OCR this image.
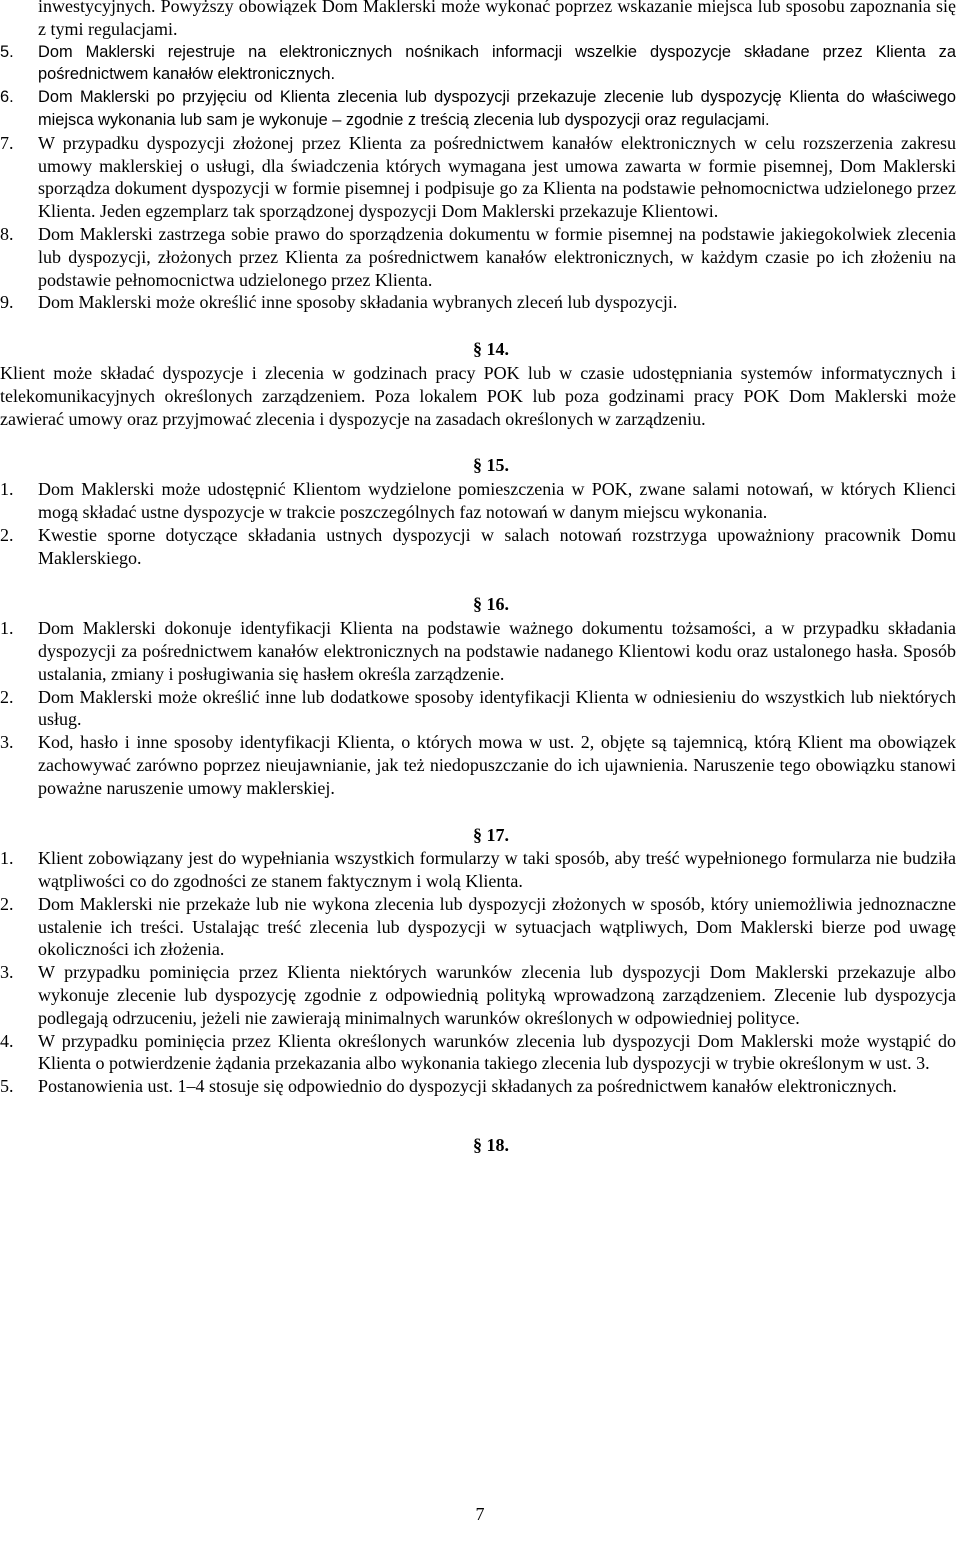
inwestycyjnych. Powyższy obowiązek Dom Maklerski może wykonać poprzez wskazanie miejsca lub sposobu zapoznania się z tymi regulacjami.
5. Dom Maklerski rejestruje na elektronicznych nośnikach informacji wszelkie dyspozycje składane przez Klienta za pośrednictwem kanałów elektronicznych.
6. Dom Maklerski po przyjęciu od Klienta zlecenia lub dyspozycji przekazuje zlecenie lub dyspozycję Klienta do właściwego miejsca wykonania lub sam je wykonuje – zgodnie z treścią zlecenia lub dyspozycji oraz regulacjami.
7. W przypadku dyspozycji złożonej przez Klienta za pośrednictwem kanałów elektronicznych w celu rozszerzenia zakresu umowy maklerskiej o usługi, dla świadczenia których wymagana jest umowa zawarta w formie pisemnej, Dom Maklerski sporządza dokument dyspozycji w formie pisemnej i podpisuje go za Klienta na podstawie pełnomocnictwa udzielonego przez Klienta. Jeden egzemplarz tak sporządzonej dyspozycji Dom Maklerski przekazuje Klientowi.
8. Dom Maklerski zastrzega sobie prawo do sporządzenia dokumentu w formie pisemnej na podstawie jakiegokolwiek zlecenia lub dyspozycji, złożonych przez Klienta za pośrednictwem kanałów elektronicznych, w każdym czasie po ich złożeniu na podstawie pełnomocnictwa udzielonego przez Klienta.
9. Dom Maklerski może określić inne sposoby składania wybranych zleceń lub dyspozycji.
§ 14.
Klient może składać dyspozycje i zlecenia w godzinach pracy POK lub w czasie udostępniania systemów informatycznych i telekomunikacyjnych określonych zarządzeniem. Poza lokalem POK lub poza godzinami pracy POK Dom Maklerski może zawierać umowy oraz przyjmować zlecenia i dyspozycje na zasadach określonych w zarządzeniu.
§ 15.
1. Dom Maklerski może udostępnić Klientom wydzielone pomieszczenia w POK, zwane salami notowań, w których Klienci mogą składać ustne dyspozycje w trakcie poszczególnych faz notowań w danym miejscu wykonania.
2. Kwestie sporne dotyczące składania ustnych dyspozycji w salach notowań rozstrzyga upoważniony pracownik Domu Maklerskiego.
§ 16.
1. Dom Maklerski dokonuje identyfikacji Klienta na podstawie ważnego dokumentu tożsamości, a w przypadku składania dyspozycji za pośrednictwem kanałów elektronicznych na podstawie nadanego Klientowi kodu oraz ustalonego hasła. Sposób ustalania, zmiany i posługiwania się hasłem określa zarządzenie.
2. Dom Maklerski może określić inne lub dodatkowe sposoby identyfikacji Klienta w odniesieniu do wszystkich lub niektórych usług.
3. Kod, hasło i inne sposoby identyfikacji Klienta, o których mowa w ust. 2, objęte są tajemnicą, którą Klient ma obowiązek zachowywać zarówno poprzez nieujawnianie, jak też niedopuszczanie do ich ujawnienia. Naruszenie tego obowiązku stanowi poważne naruszenie umowy maklerskiej.
§ 17.
1. Klient zobowiązany jest do wypełniania wszystkich formularzy w taki sposób, aby treść wypełnionego formularza nie budziła wątpliwości co do zgodności ze stanem faktycznym i wolą Klienta.
2. Dom Maklerski nie przekaże lub nie wykona zlecenia lub dyspozycji złożonych w sposób, który uniemożliwia jednoznaczne ustalenie ich treści. Ustalając treść zlecenia lub dyspozycji w sytuacjach wątpliwych, Dom Maklerski bierze pod uwagę okoliczności ich złożenia.
3. W przypadku pominięcia przez Klienta niektórych warunków zlecenia lub dyspozycji Dom Maklerski przekazuje albo wykonuje zlecenie lub dyspozycję zgodnie z odpowiednią polityką wprowadzoną zarządzeniem. Zlecenie lub dyspozycja podlegają odrzuceniu, jeżeli nie zawierają minimalnych warunków określonych w odpowiedniej polityce.
4. W przypadku pominięcia przez Klienta określonych warunków zlecenia lub dyspozycji Dom Maklerski może wystąpić do Klienta o potwierdzenie żądania przekazania albo wykonania takiego zlecenia lub dyspozycji w trybie określonym w ust. 3.
5. Postanowienia ust. 1–4 stosuje się odpowiednio do dyspozycji składanych za pośrednictwem kanałów elektronicznych.
§ 18.
7
